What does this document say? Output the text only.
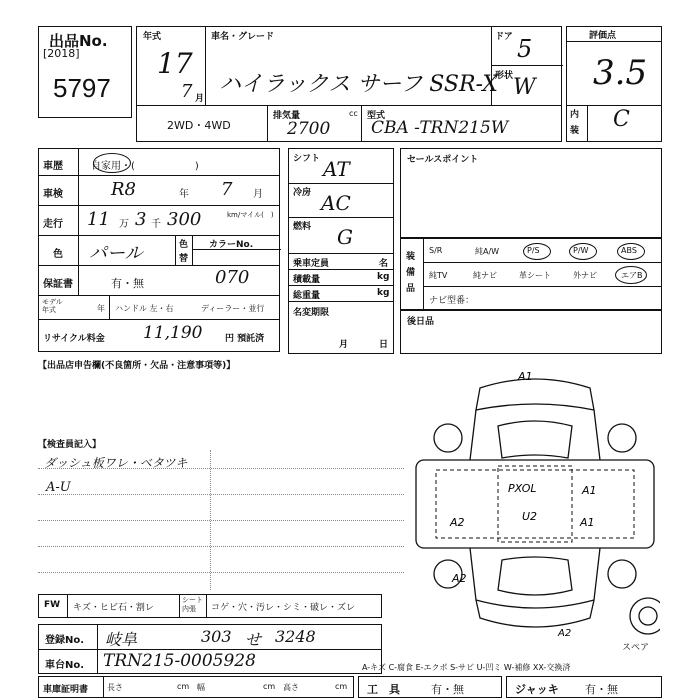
出品No.
[2018]
5797
年式
17
7 月
車名・グレード
ハイラックス サーフ SSR-X
ドア 5
形状 W
2WD・4WD
排気量
2700
cc 型式
CBA -TRN215W
評価点
3.5
内
装 C
車歴	自家用・(　　　　　　)
車検	R8	年 7 月
走行 11 万 3 千 300	km/マイル(　)
色 パール	色
替
カラーNo.
保証書	有・無	070
モデル
年式	年 ハンドル 左・右	ディーラー・並行
リサイクル料金 11,190	円 預託済
シフト AT
冷房 AC
燃料 G
乗車定員	名
積載量	kg
総重量	kg
名変期限
月	日
セールスポイント
装備品
S/R	純A/W	P/S	P/W	ABS
純TV	純ナビ	革シート	外ナビ	エアB
ナビ型番：
後日品
【出品店申告欄(不良箇所・欠品・注意事項等)】
【検査員記入】
ダッシュ板ワレ・ベタツキ
A-U
A1
PXOL
U2
A1
A1
A2
A2
A2
スペア
FW キズ・ヒビ石・割レ
シート
内張	コゲ・穴・汚レ・シミ・破レ・ズレ
登録No. 岐阜	303 せ 3248
車台No. TRN215-0005928	A-キズ C-腐食 E-エクボ S-サビ U-凹ミ W-補修 XX-交換済
車庫証明書 長さ	cm 幅	cm 高さ	cm 工　具	有・無	ジャッキ 有・無
